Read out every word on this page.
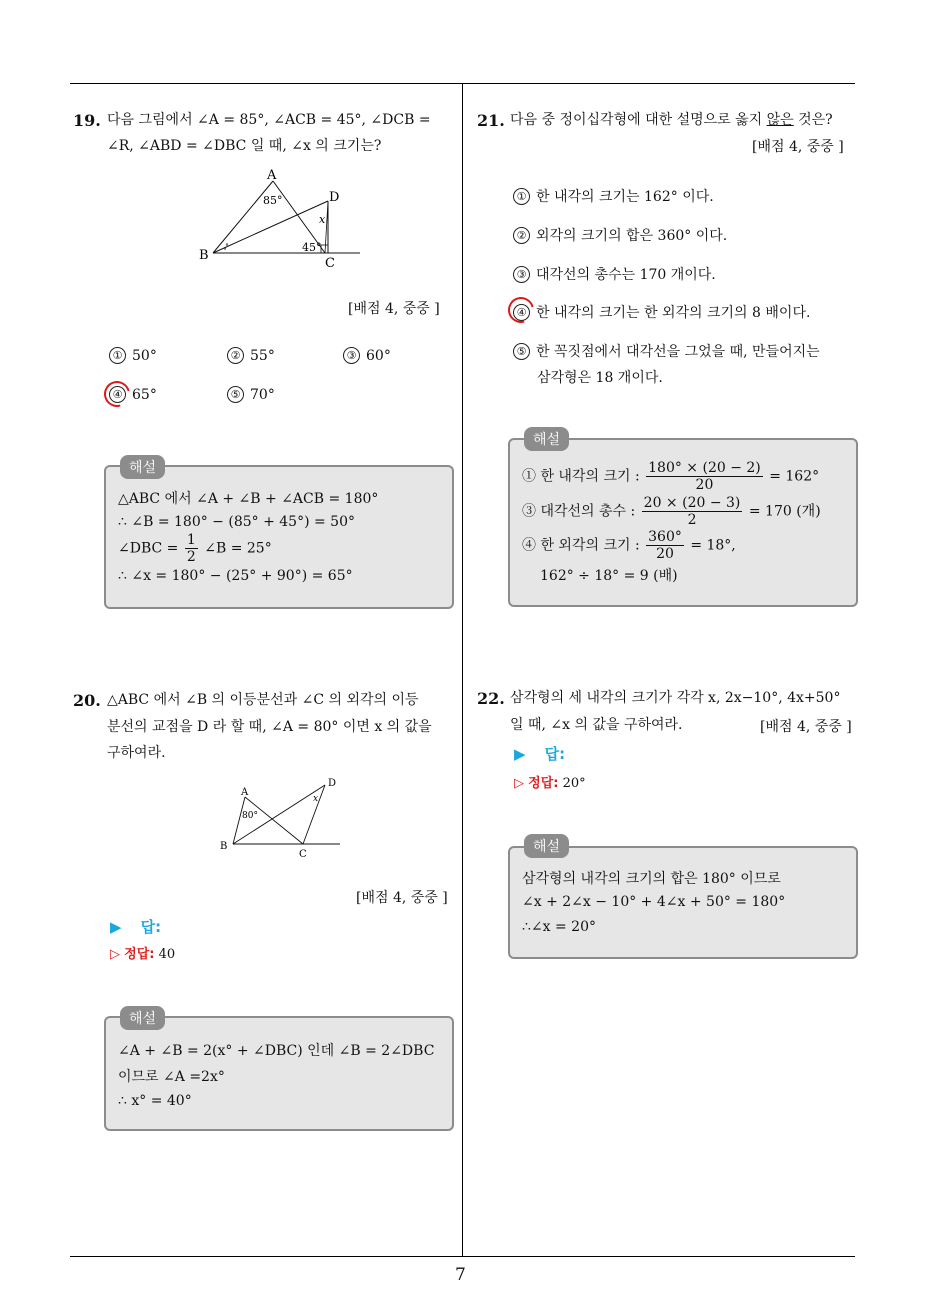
7
19. 다음 그림에서 ∠A = 85°, ∠ACB = 45°, ∠DCB =
∠R, ∠ABD = ∠DBC 일 때, ∠x 의 크기는?
A
B
C
D
85°
45°
x
∘
∘
[배점 4, 중중 ]
① 50°	② 55°	③ 60°
④ 65°	⑤ 70°
해설
△ABC 에서 ∠A + ∠B + ∠ACB = 180°
∴ ∠B = 180° − (85° + 45°) = 50°
∠DBC = $\frac{1}{2}$ ∠B = 25°
∴ ∠x = 180° − (25° + 90°) = 65°
20. △ABC 에서 ∠B 의 이등분선과 ∠C 의 외각의 이등
분선의 교점을 D 라 할 때, ∠A = 80° 이면 x 의 값을
구하여라.
A
B
C
D
80°
x
[배점 4, 중중 ]
▶ 답:
▷ 정답: 40
해설
∠A + ∠B = 2(x° + ∠DBC) 인데 ∠B = 2∠DBC
이므로 ∠A =2x°
∴ x° = 40°
21. 다음 중 정이십각형에 대한 설명으로 옳지 않은 것은?
[배점 4, 중중 ]
① 한 내각의 크기는 162° 이다.
② 외각의 크기의 합은 360° 이다.
③ 대각선의 총수는 170 개이다.
④ 한 내각의 크기는 한 외각의 크기의 8 배이다.
⑤ 한 꼭짓점에서 대각선을 그었을 때, 만들어지는
삼각형은 18 개이다.
해설
① 한 내각의 크기 : $\frac{180^\circ \times (20 - 2)}{20} = 162^\circ$
③ 대각선의 총수 : $\frac{20 \times (20 - 3)}{2} = 170$ (개)
④ 한 외각의 크기 : $\frac{360^\circ}{20} = 18^\circ$,
162° ÷ 18° = 9 (배)
22. 삼각형의 세 내각의 크기가 각각 x, 2x−10°, 4x+50°
일 때, ∠x 의 값을 구하여라.	[배점 4, 중중 ]
▶ 답:
▷ 정답: 20°
해설
삼각형의 내각의 크기의 합은 180° 이므로
∠x + 2∠x − 10° + 4∠x + 50° = 180°
∴∠x = 20°
